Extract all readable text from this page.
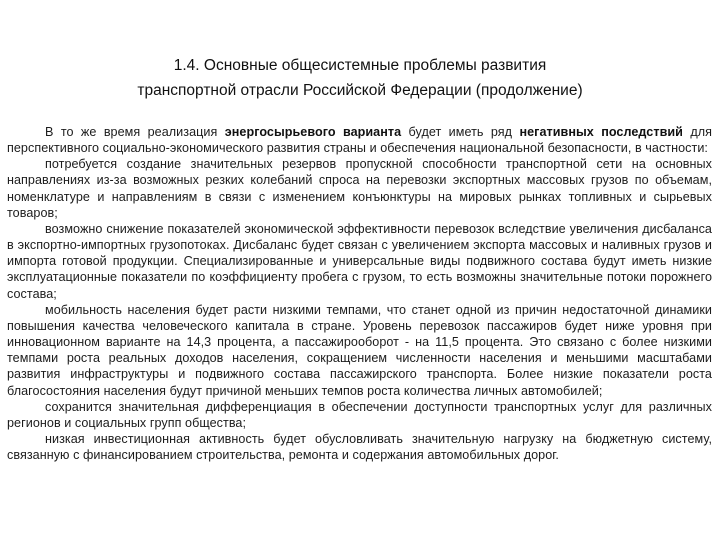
1.4. Основные общесистемные проблемы развития
транспортной отрасли Российской Федерации (продолжение)

В то же время реализация энергосырьевого варианта будет иметь ряд негативных последствий для перспективного социально-экономического развития страны и обеспечения национальной безопасности, в частности:

потребуется создание значительных резервов пропускной способности транспортной сети на основных направлениях из-за возможных резких колебаний спроса на перевозки экспортных массовых грузов по объемам, номенклатуре и направлениям в связи с изменением конъюнктуры на мировых рынках топливных и сырьевых товаров;

возможно снижение показателей экономической эффективности перевозок вследствие увеличения дисбаланса в экспортно-импортных грузопотоках. Дисбаланс будет связан с увеличением экспорта массовых и наливных грузов и импорта готовой продукции. Специализированные и универсальные виды подвижного состава будут иметь низкие эксплуатационные показатели по коэффициенту пробега с грузом, то есть возможны значительные потоки порожнего состава;

мобильность населения будет расти низкими темпами, что станет одной из причин недостаточной динамики повышения качества человеческого капитала в стране. Уровень перевозок пассажиров будет ниже уровня при инновационном варианте на 14,3 процента, а пассажирооборот - на 11,5 процента. Это связано с более низкими темпами роста реальных доходов населения, сокращением численности населения и меньшими масштабами развития инфраструктуры и подвижного состава пассажирского транспорта. Более низкие показатели роста благосостояния населения будут причиной меньших темпов роста количества личных автомобилей;

сохранится значительная дифференциация в обеспечении доступности транспортных услуг для различных регионов и социальных групп общества;

низкая инвестиционная активность будет обусловливать значительную нагрузку на бюджетную систему, связанную с финансированием строительства, ремонта и содержания автомобильных дорог.
